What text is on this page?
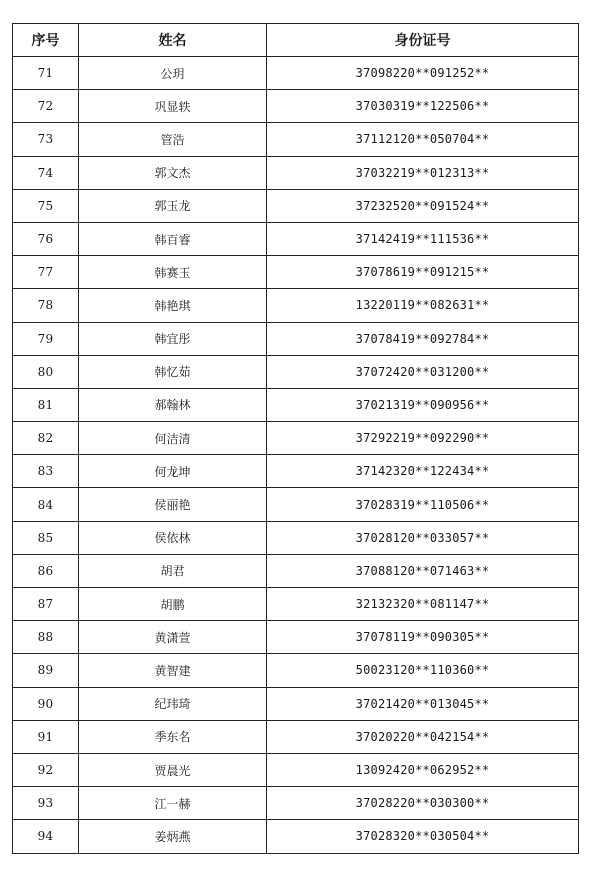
序号	姓名	身份证号
71	公玥	37098220**091252**
72	巩显轶	37030319**122506**
73	管浩	37112120**050704**
74	郭文杰	37032219**012313**
75	郭玉龙	37232520**091524**
76	韩百睿	37142419**111536**
77	韩赛玉	37078619**091215**
78	韩艳琪	13220119**082631**
79	韩宜彤	37078419**092784**
80	韩忆茹	37072420**031200**
81	郝翰林	37021319**090956**
82	何洁清	37292219**092290**
83	何龙坤	37142320**122434**
84	侯丽艳	37028319**110506**
85	侯依林	37028120**033057**
86	胡君	37088120**071463**
87	胡鹏	32132320**081147**
88	黄潇萱	37078119**090305**
89	黄智建	50023120**110360**
90	纪玮琦	37021420**013045**
91	季东名	37020220**042154**
92	贾晨光	13092420**062952**
93	江一赫	37028220**030300**
94	姜炳燕	37028320**030504**
